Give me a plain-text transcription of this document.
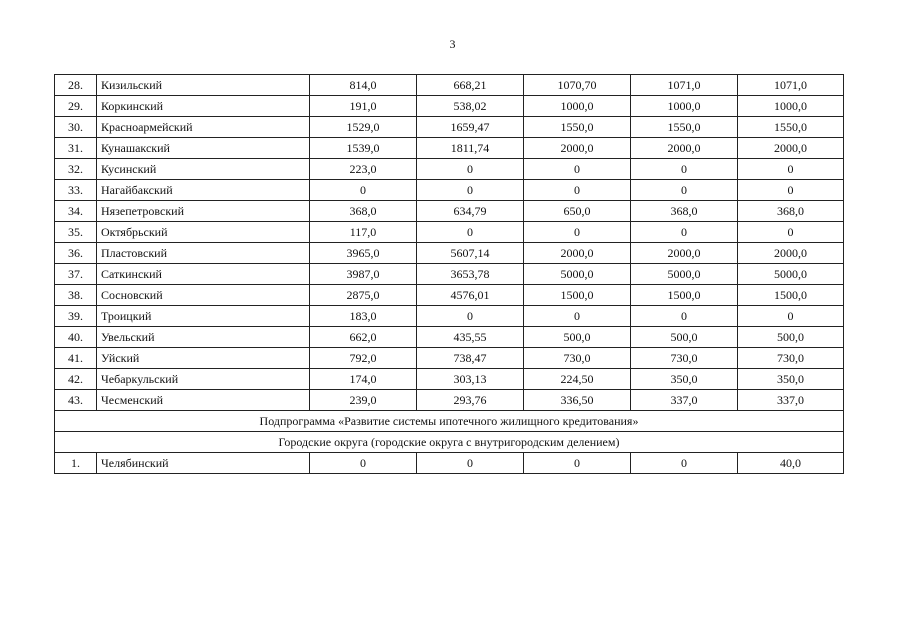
3
28.	Кизильский	814,0	668,21	1070,70	1071,0	1071,0
29.	Коркинский	191,0	538,02	1000,0	1000,0	1000,0
30.	Красноармейский	1529,0	1659,47	1550,0	1550,0	1550,0
31.	Кунашакский	1539,0	1811,74	2000,0	2000,0	2000,0
32.	Кусинский	223,0	0	0	0	0
33.	Нагайбакский	0	0	0	0	0
34.	Нязепетровский	368,0	634,79	650,0	368,0	368,0
35.	Октябрьский	117,0	0	0	0	0
36.	Пластовский	3965,0	5607,14	2000,0	2000,0	2000,0
37.	Саткинский	3987,0	3653,78	5000,0	5000,0	5000,0
38.	Сосновский	2875,0	4576,01	1500,0	1500,0	1500,0
39.	Троицкий	183,0	0	0	0	0
40.	Увельский	662,0	435,55	500,0	500,0	500,0
41.	Уйский	792,0	738,47	730,0	730,0	730,0
42.	Чебаркульский	174,0	303,13	224,50	350,0	350,0
43.	Чесменский	239,0	293,76	336,50	337,0	337,0
Подпрограмма «Развитие системы ипотечного жилищного кредитования»						
Городские округа (городские округа с внутригородским делением)						
1.	Челябинский	0	0	0	0	40,0
